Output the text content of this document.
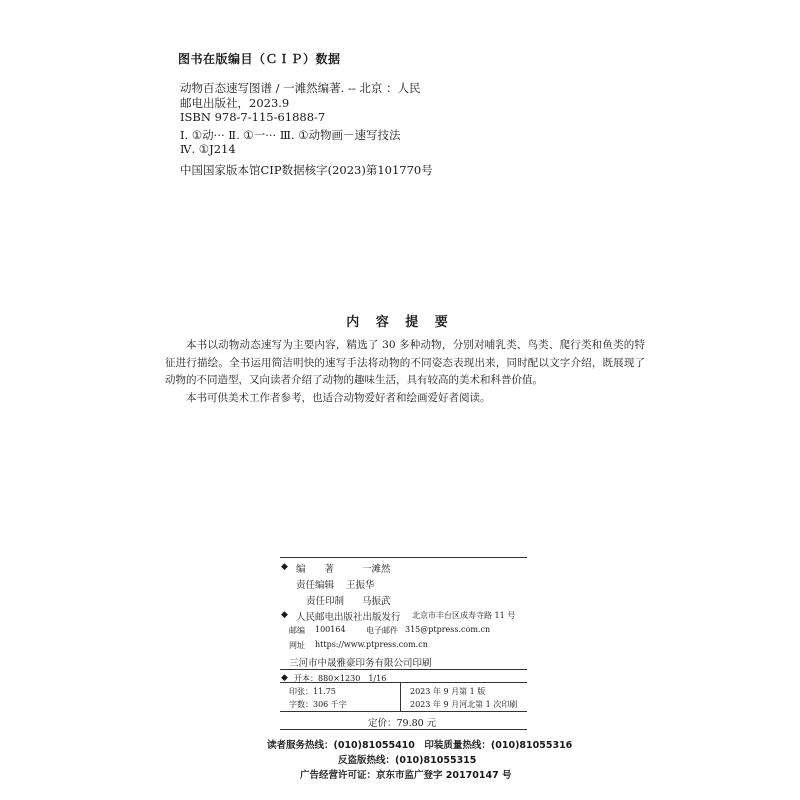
图书在版编目（ＣＩＰ）数据
动物百态速写图谱 / 一滩然编著. -- 北京 ：人民
邮电出版社，2023.9
ISBN 978-7-115-61888-7
Ⅰ. ①动··· Ⅱ. ①一··· Ⅲ. ①动物画－速写技法
Ⅳ. ①J214
中国国家版本馆CIP数据核字(2023)第101770号
内 容 提 要

本书以动物动态速写为主要内容，精选了 30 多种动物，分别对哺乳类、鸟类、爬行类和鱼类的特征进行描绘。全书运用简洁明快的速写手法将动物的不同姿态表现出来，同时配以文字介绍，既展现了动物的不同造型，又向读者介绍了动物的趣味生活，具有较高的美术和科普价值。

本书可供美术工作者参考，也适合动物爱好者和绘画爱好者阅读。

◆ 编　　著	一滩然
责任编辑 王振华
责任印制 马振武
◆ 人民邮电出版社出版发行 北京市丰台区成寿寺路 11 号
邮编 100164	电子邮件 315@ptpress.com.cn
网址 https://www.ptpress.com.cn
三河市中晟雅豪印务有限公司印刷
◆ 开本：880×1230　1/16
印张：11.75	2023 年 9 月第 1 版
字数：306 千字	2023 年 9 月河北第 1 次印刷
定价：79.80 元
读者服务热线：(010)81055410　印装质量热线：(010)81055316
反盗版热线：(010)81055315
广告经营许可证：京东市监广登字 20170147 号
